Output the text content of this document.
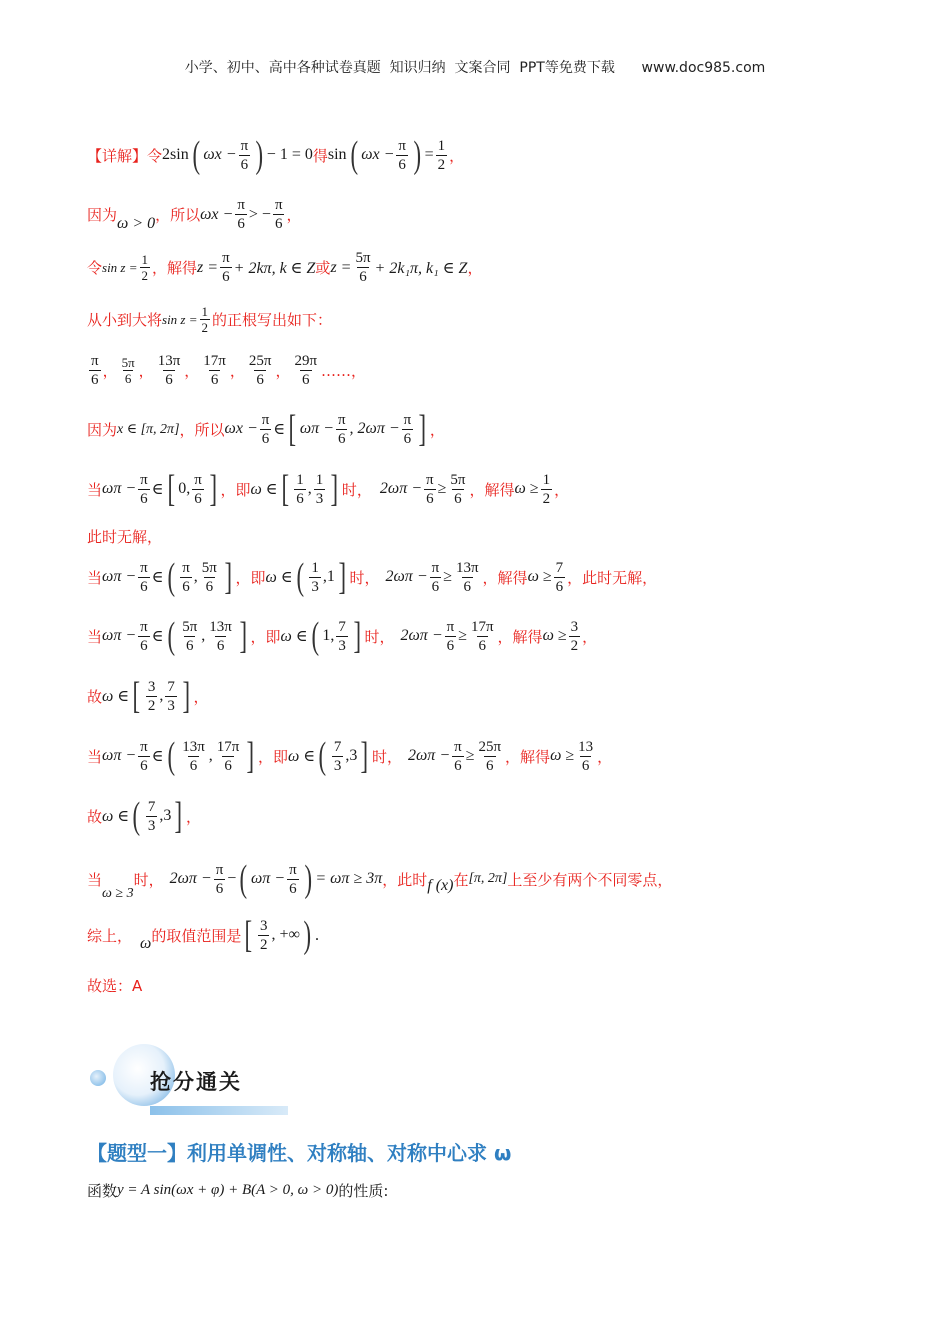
小学、初中、高中各种试卷真题  知识归纳  文案合同  PPT等免费下载      www.doc985.com
【详解】 令 2sin ( $\omega x - \frac{\pi}{6}$ ) − 1 = 0 得 sin ( $\omega x - \frac{\pi}{6}$ ) = $\frac{1}{2}$ ，
因为 ω > 0 ，所以 $\omega x - \frac{\pi}{6}$ > − $\frac{\pi}{6}$ ，
令 $\sin z = \frac{1}{2}$ ，解得 $z = \frac{\pi}{6} + 2k\pi$, k ∈ Z 或 $z = \frac{5\pi}{6} + 2k_1\pi$, k₁ ∈ Z ，
从小到大将 $\sin z = \frac{1}{2}$ 的正根写出如下：
$\frac{\pi}{6}$ ， $\frac{5\pi}{6}$ ， $\frac{13\pi}{6}$ ， $\frac{17\pi}{6}$ ， $\frac{25\pi}{6}$ ， $\frac{29\pi}{6}$ …… ，
因为 x ∈ [π, 2π] ，所以 $\omega x - \frac{\pi}{6}$ ∈ [ $\omega\pi - \frac{\pi}{6}$ , $2\omega\pi - \frac{\pi}{6}$ ] ，
当 $\omega\pi - \frac{\pi}{6}$ ∈ [ 0, $\frac{\pi}{6}$ ] ，即 ω ∈ [ $\frac{1}{6}$ , $\frac{1}{3}$ ] 时， $2\omega\pi - \frac{\pi}{6} \ge \frac{5\pi}{6}$ ，解得 $\omega \ge \frac{1}{2}$ ，
此时无解，
当 $\omega\pi - \frac{\pi}{6}$ ∈ ( $\frac{\pi}{6}$ , $\frac{5\pi}{6}$ ] ，即 ω ∈ ( $\frac{1}{3} ,1$ ] 时， $2\omega\pi - \frac{\pi}{6} \ge \frac{13\pi}{6}$ ，解得 $\omega \ge \frac{7}{6}$ ，此时无解，
当 $\omega\pi - \frac{\pi}{6}$ ∈ ( $\frac{5\pi}{6}$ , $\frac{13\pi}{6}$ ] ，即 ω ∈ ( 1, $\frac{7}{3}$ ] 时， $2\omega\pi - \frac{\pi}{6} \ge \frac{17\pi}{6}$ ，解得 $\omega \ge \frac{3}{2}$ ，
故 ω ∈ [ $\frac{3}{2}$ , $\frac{7}{3}$ ] ，
当 $\omega\pi - \frac{\pi}{6}$ ∈ ( $\frac{13\pi}{6}$ , $\frac{17\pi}{6}$ ] ，即 ω ∈ ( $\frac{7}{3} ,3$ ] 时， $2\omega\pi - \frac{\pi}{6} \ge \frac{25\pi}{6}$ ，解得 $\omega \ge \frac{13}{6}$ ，
故 ω ∈ ( $\frac{7}{3} ,3$ ] ，
当
ω ≥ 3
时， $2\omega\pi - \frac{\pi}{6}$ − ( $\omega\pi - \frac{\pi}{6}$ ) = ωπ ≥ 3π ，此时 f (x) 在 [π, 2π] 上至少有两个不同零点，
综上， ω 的取值范围是 [ $\frac{3}{2}$ , +∞ ) .
故选：A
抢分通关
【题型一】利用单调性、对称轴、对称中心求 ω
函数 y = A sin(ωx + φ) + B(A > 0, ω > 0) 的性质:
